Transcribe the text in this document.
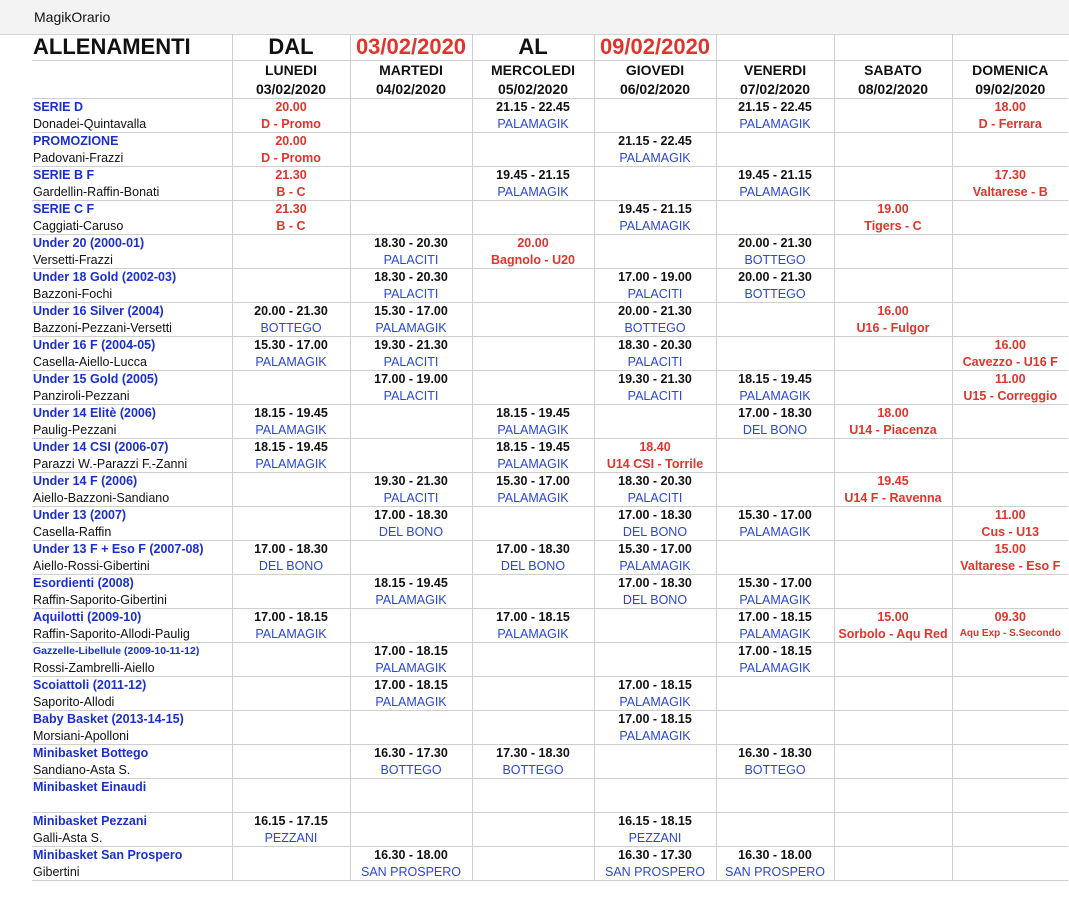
MagikOrario
ALLENAMENTI	DAL	03/02/2020	AL	09/02/2020			
	LUNEDI	MARTEDI	MERCOLEDI	GIOVEDI	VENERDI	SABATO	DOMENICA
	03/02/2020	04/02/2020	05/02/2020	06/02/2020	07/02/2020	08/02/2020	09/02/2020
SERIE D	20.00		21.15 - 22.45		21.15 - 22.45		18.00
Donadei-Quintavalla	D - Promo		PALAMAGIK		PALAMAGIK		D - Ferrara
PROMOZIONE	20.00			21.15 - 22.45			
Padovani-Frazzi	D - Promo			PALAMAGIK			
SERIE B F	21.30		19.45 - 21.15		19.45 - 21.15		17.30
Gardellin-Raffin-Bonati	B - C		PALAMAGIK		PALAMAGIK		Valtarese - B
SERIE C F	21.30			19.45 - 21.15		19.00	
Caggiati-Caruso	B - C			PALAMAGIK		Tigers - C	
Under 20 (2000-01)		18.30 - 20.30	20.00		20.00 - 21.30		
Versetti-Frazzi		PALACITI	Bagnolo - U20		BOTTEGO		
Under 18 Gold (2002-03)		18.30 - 20.30		17.00 - 19.00	20.00 - 21.30		
Bazzoni-Fochi		PALACITI		PALACITI	BOTTEGO		
Under 16 Silver (2004)	20.00 - 21.30	15.30 - 17.00		20.00 - 21.30		16.00	
Bazzoni-Pezzani-Versetti	BOTTEGO	PALAMAGIK		BOTTEGO		U16 - Fulgor	
Under 16 F (2004-05)	15.30 - 17.00	19.30 - 21.30		18.30 - 20.30			16.00
Casella-Aiello-Lucca	PALAMAGIK	PALACITI		PALACITI			Cavezzo - U16 F
Under 15 Gold (2005)		17.00 - 19.00		19.30 - 21.30	18.15 - 19.45		11.00
Panziroli-Pezzani		PALACITI		PALACITI	PALAMAGIK		U15 - Correggio
Under 14 Elitè (2006)	18.15 - 19.45		18.15 - 19.45		17.00 - 18.30	18.00	
Paulig-Pezzani	PALAMAGIK		PALAMAGIK		DEL BONO	U14 - Piacenza	
Under 14 CSI (2006-07)	18.15 - 19.45		18.15 - 19.45	18.40			
Parazzi W.-Parazzi F.-Zanni	PALAMAGIK		PALAMAGIK	U14 CSI - Torrile			
Under 14 F (2006)		19.30 - 21.30	15.30 - 17.00	18.30 - 20.30		19.45	
Aiello-Bazzoni-Sandiano		PALACITI	PALAMAGIK	PALACITI		U14 F - Ravenna	
Under 13 (2007)		17.00 - 18.30		17.00 - 18.30	15.30 - 17.00		11.00
Casella-Raffin		DEL BONO		DEL BONO	PALAMAGIK		Cus - U13
Under 13 F + Eso F (2007-08)	17.00 - 18.30		17.00 - 18.30	15.30 - 17.00			15.00
Aiello-Rossi-Gibertini	DEL BONO		DEL BONO	PALAMAGIK			Valtarese - Eso F
Esordienti (2008)		18.15 - 19.45		17.00 - 18.30	15.30 - 17.00		
Raffin-Saporito-Gibertini		PALAMAGIK		DEL BONO	PALAMAGIK		
Aquilotti (2009-10)	17.00 - 18.15		17.00 - 18.15		17.00 - 18.15	15.00	09.30
Raffin-Saporito-Allodi-Paulig	PALAMAGIK		PALAMAGIK		PALAMAGIK	Sorbolo - Aqu Red	Aqu Exp - S.Secondo
Gazzelle-Libellule (2009-10-11-12)		17.00 - 18.15			17.00 - 18.15		
Rossi-Zambrelli-Aiello		PALAMAGIK			PALAMAGIK		
Scoiattoli (2011-12)		17.00 - 18.15		17.00 - 18.15			
Saporito-Allodi		PALAMAGIK		PALAMAGIK			
Baby Basket (2013-14-15)				17.00 - 18.15			
Morsiani-Apolloni				PALAMAGIK			
Minibasket Bottego		16.30 - 17.30	17.30 - 18.30		16.30 - 18.30		
Sandiano-Asta S.		BOTTEGO	BOTTEGO		BOTTEGO		
Minibasket Einaudi							

Minibasket Pezzani	16.15 - 17.15			16.15 - 18.15			
Galli-Asta S.	PEZZANI			PEZZANI			
Minibasket San Prospero		16.30 - 18.00		16.30 - 17.30	16.30 - 18.00		
Gibertini		SAN PROSPERO		SAN PROSPERO	SAN PROSPERO		
